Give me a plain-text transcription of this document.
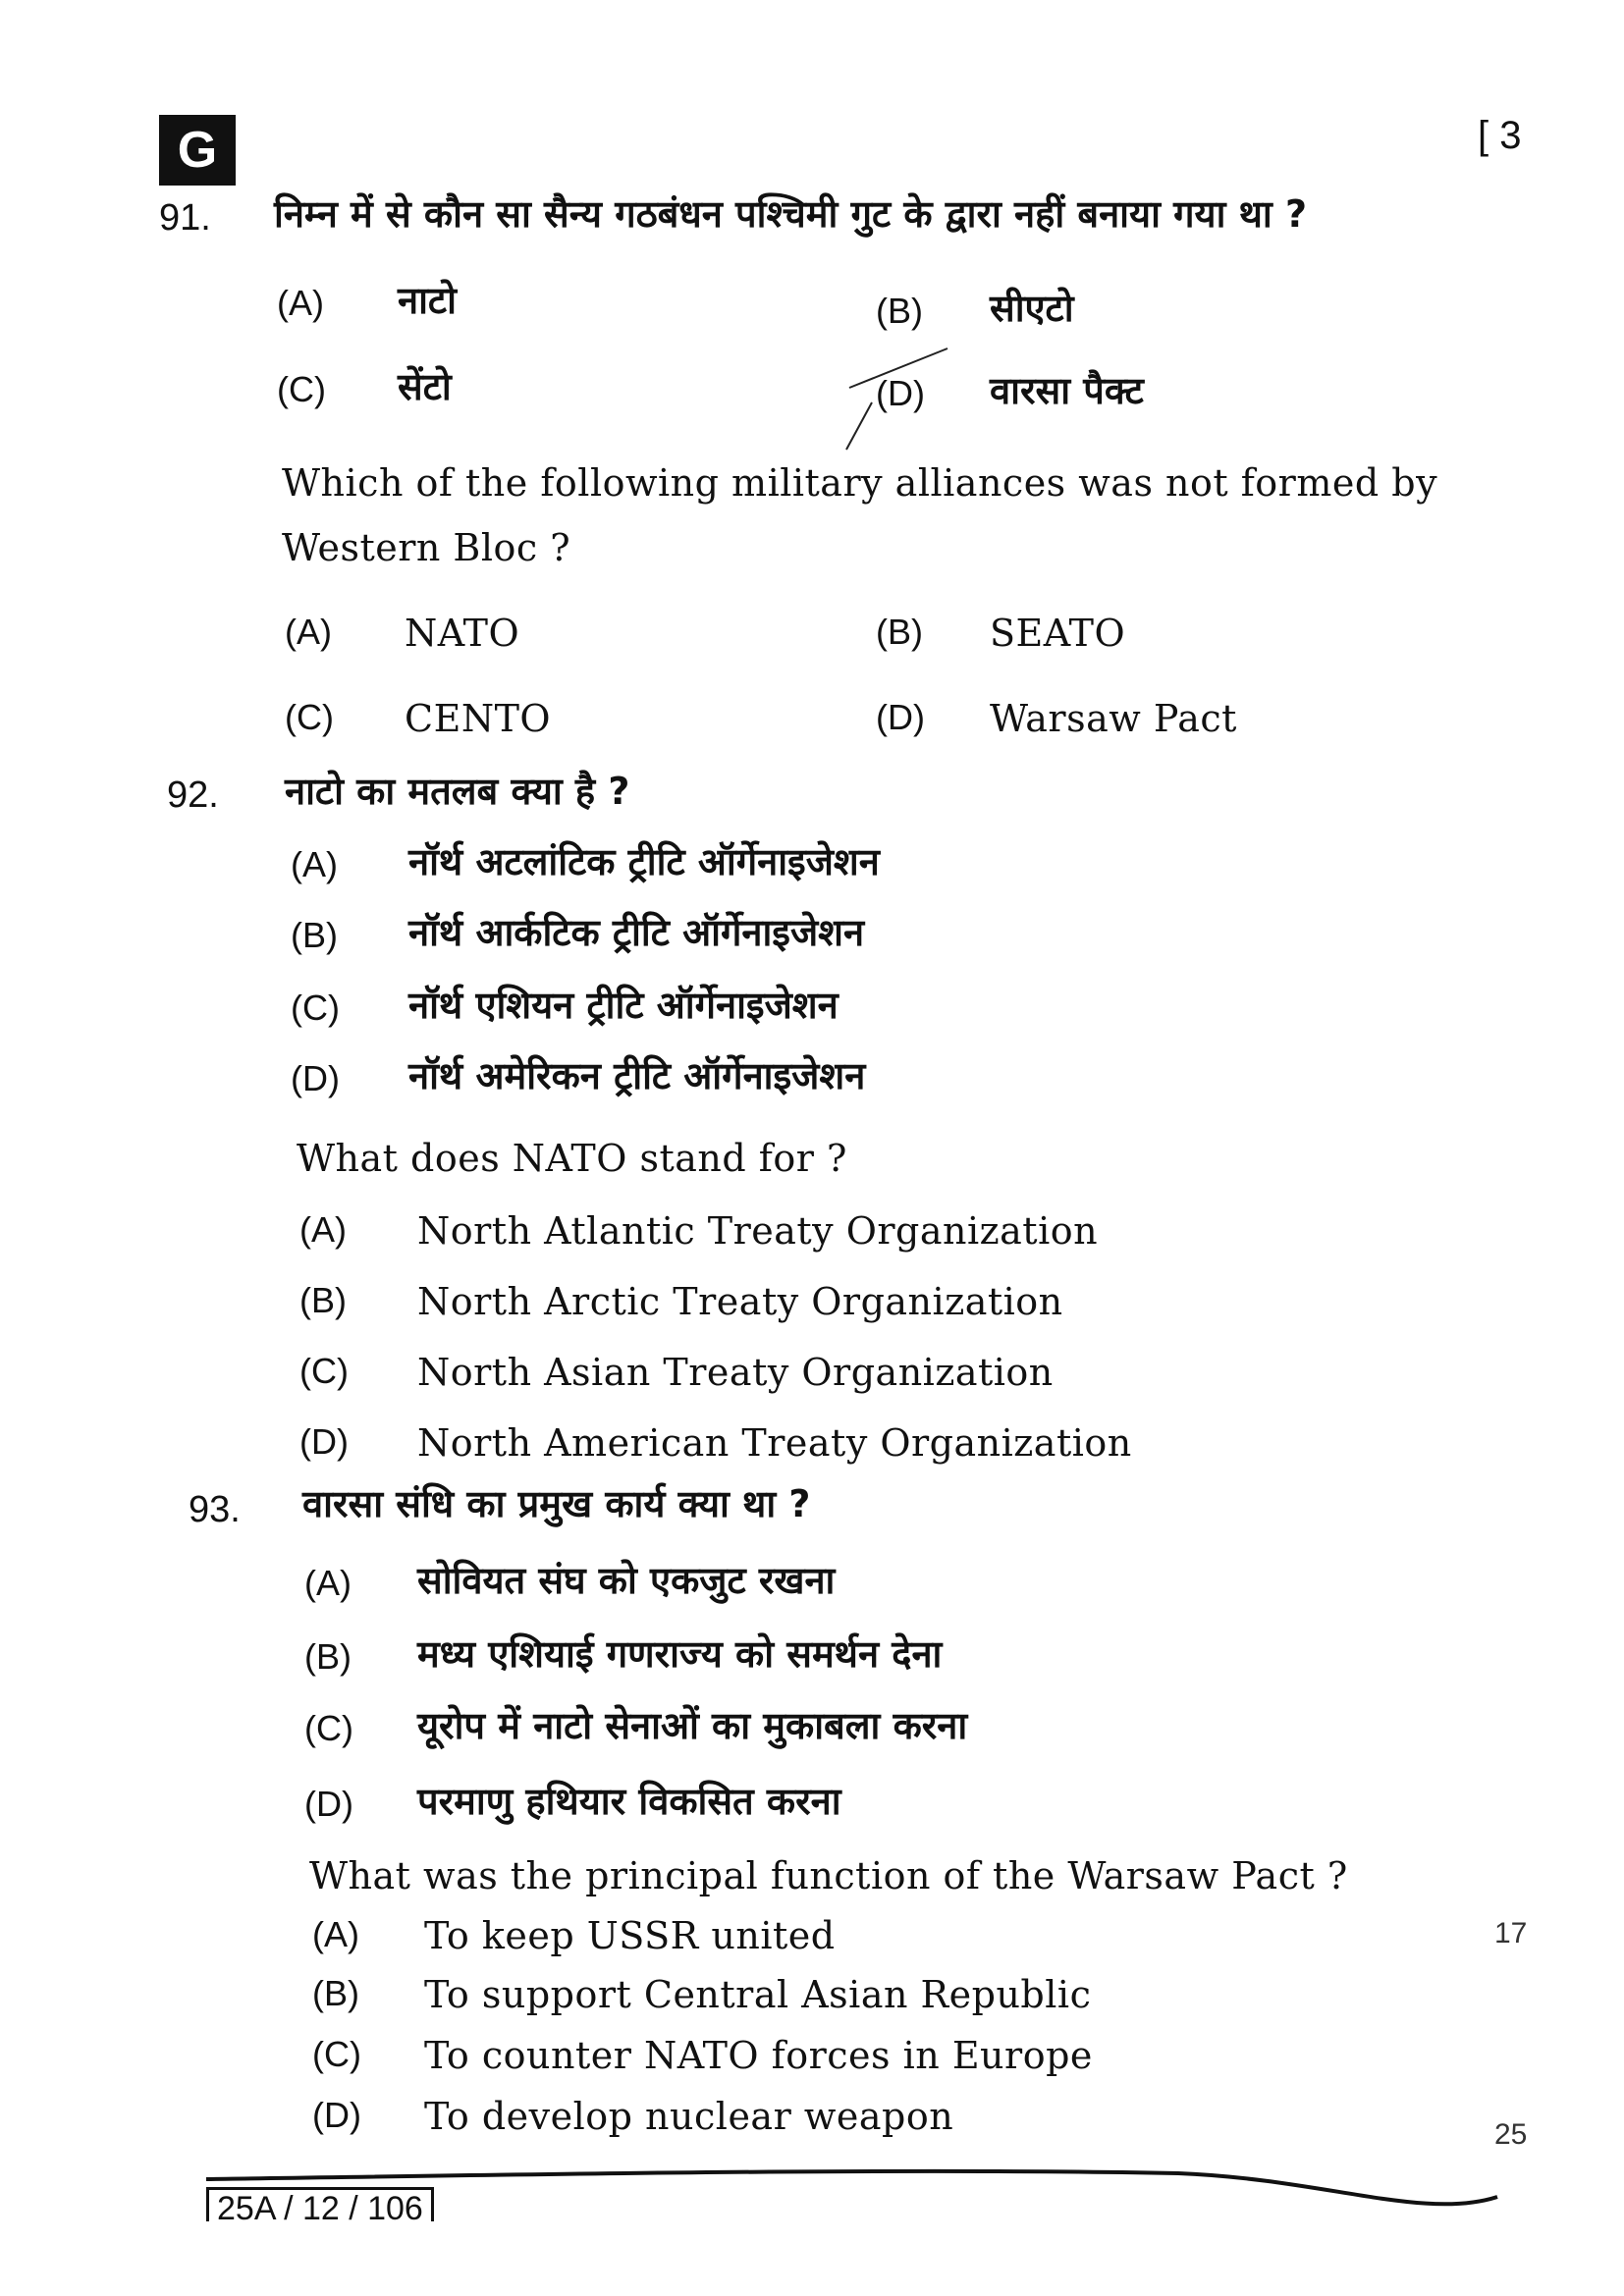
G	[ 3
91. निम्न में से कौन सा सैन्य गठबंधन पश्चिमी गुट के द्वारा नहीं बनाया गया था ?
(A) नाटो	(B) सीएटो
(C) सेंटो	(D) वारसा पैक्ट
Which of the following military alliances was not formed by
Western Bloc ?
(A) NATO	(B) SEATO
(C) CENTO	(D) Warsaw Pact
92. नाटो का मतलब क्या है ?
(A) नॉर्थ अटलांटिक ट्रीटि ऑर्गेनाइजेशन
(B) नॉर्थ आर्कटिक ट्रीटि ऑर्गेनाइजेशन
(C) नॉर्थ एशियन ट्रीटि ऑर्गेनाइजेशन
(D) नॉर्थ अमेरिकन ट्रीटि ऑर्गेनाइजेशन
What does NATO stand for ?
(A) North Atlantic Treaty Organization
(B) North Arctic Treaty Organization
(C) North Asian Treaty Organization
(D) North American Treaty Organization
93. वारसा संधि का प्रमुख कार्य क्या था ?
(A) सोवियत संघ को एकजुट रखना
(B) मध्य एशियाई गणराज्य को समर्थन देना
(C) यूरोप में नाटो सेनाओं का मुकाबला करना
(D) परमाणु हथियार विकसित करना
What was the principal function of the Warsaw Pact ?
(A) To keep USSR united
(B) To support Central Asian Republic
(C) To counter NATO forces in Europe
(D) To develop nuclear weapon
17
25
25A / 12 / 106
